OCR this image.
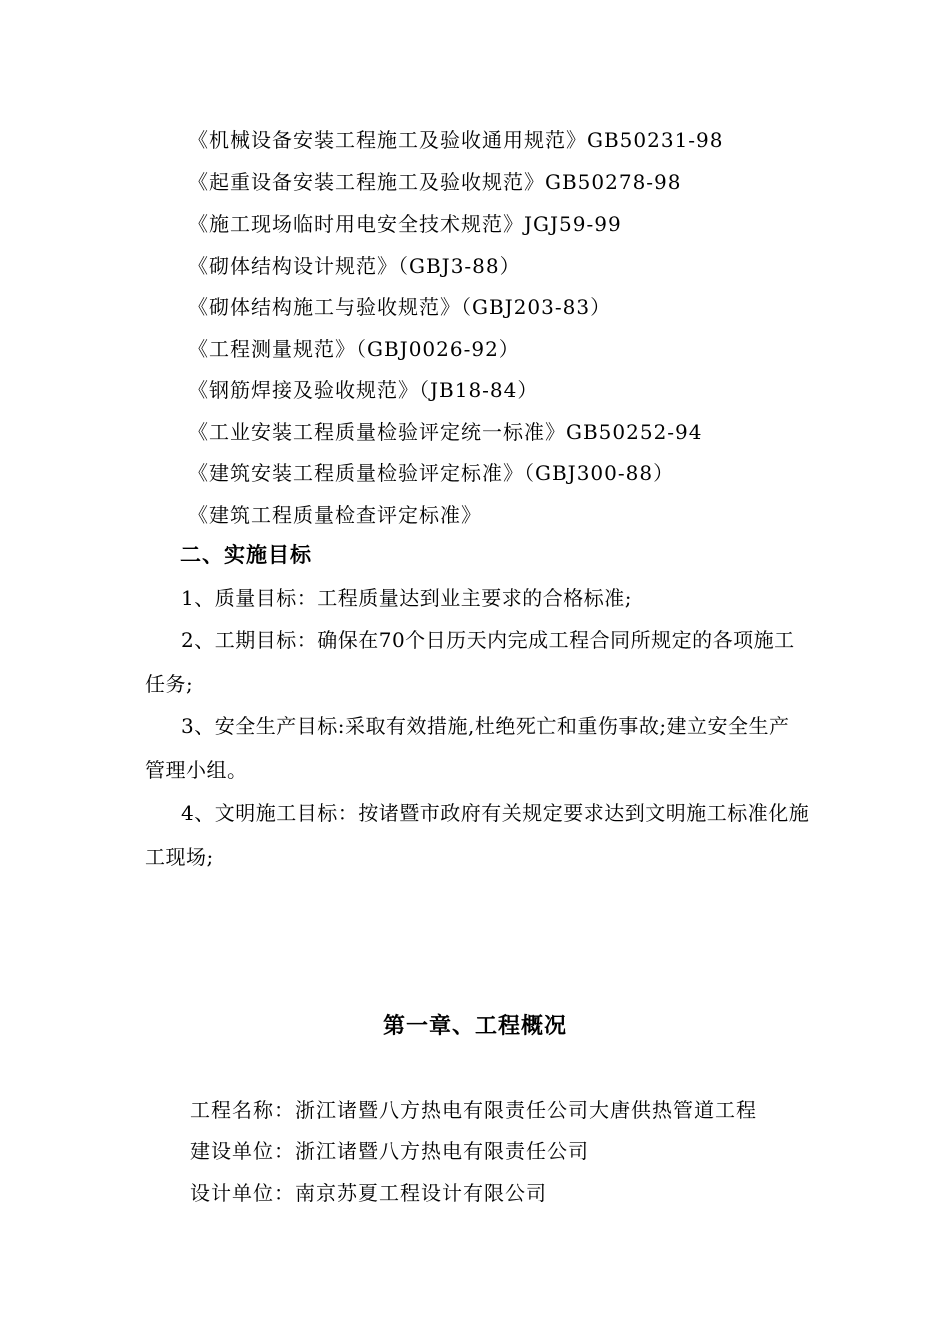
《机械设备安装工程施工及验收通用规范》GB50231-98
《起重设备安装工程施工及验收规范》GB50278-98
《施工现场临时用电安全技术规范》JGJ59-99
《砌体结构设计规范》（GBJ3-88）
《砌体结构施工与验收规范》（GBJ203-83）
《工程测量规范》（GBJ0026-92）
《钢筋焊接及验收规范》（JB18-84）
《工业安装工程质量检验评定统一标准》GB50252-94
《建筑安装工程质量检验评定标准》（GBJ300-88）
《建筑工程质量检查评定标准》
二、实施目标
1、质量目标：工程质量达到业主要求的合格标准;
2、工期目标：确保在70个日历天内完成工程合同所规定的各项施工任务;
3、安全生产目标:采取有效措施,杜绝死亡和重伤事故;建立安全生产管理小组。
4、文明施工目标：按诸暨市政府有关规定要求达到文明施工标准化施工现场;
第一章、工程概况
工程名称：浙江诸暨八方热电有限责任公司大唐供热管道工程
建设单位：浙江诸暨八方热电有限责任公司
设计单位：南京苏夏工程设计有限公司
